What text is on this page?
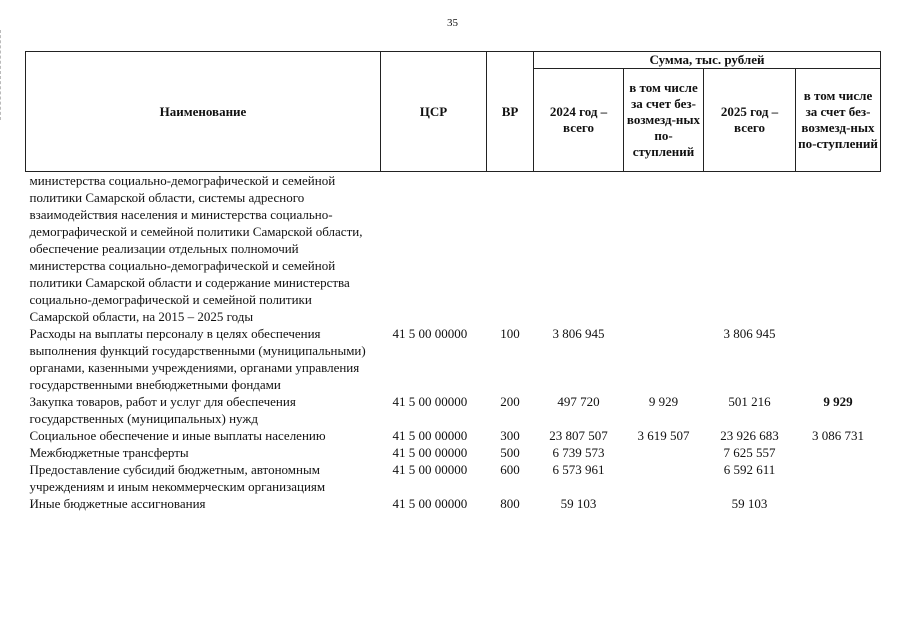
35
Наименование	ЦСР	ВР	Сумма, тыс. рублей			
			2024 год – всего	в том числе за счет без-возмезд-ных по-ступлений	2025 год – всего	в том числе за счет без-возмезд-ных по-ступлений
министерства социально-демографической и семейной политики Самарской области, системы адресного взаимодействия населения и министерства социально-демографической и семейной политики Самарской области, обеспечение реализации отдельных полномочий министерства социально-демографической и семейной политики Самарской области и содержание министерства социально-демографической и семейной политики Самарской области, на 2015 – 2025 годы						
Расходы на выплаты персоналу в целях обеспечения выполнения функций государственными (муниципальными) органами, казенными учреждениями, органами управления государственными внебюджетными фондами	41 5 00 00000	100	3 806 945		3 806 945	
Закупка товаров, работ и услуг для обеспечения государственных (муниципальных) нужд	41 5 00 00000	200	497 720	9 929	501 216	9 929
Социальное обеспечение и иные выплаты населению	41 5 00 00000	300	23 807 507	3 619 507	23 926 683	3 086 731
Межбюджетные трансферты	41 5 00 00000	500	6 739 573		7 625 557	
Предоставление субсидий бюджетным, автономным учреждениям и иным некоммерческим организациям	41 5 00 00000	600	6 573 961		6 592 611	
Иные бюджетные ассигнования	41 5 00 00000	800	59 103		59 103	
